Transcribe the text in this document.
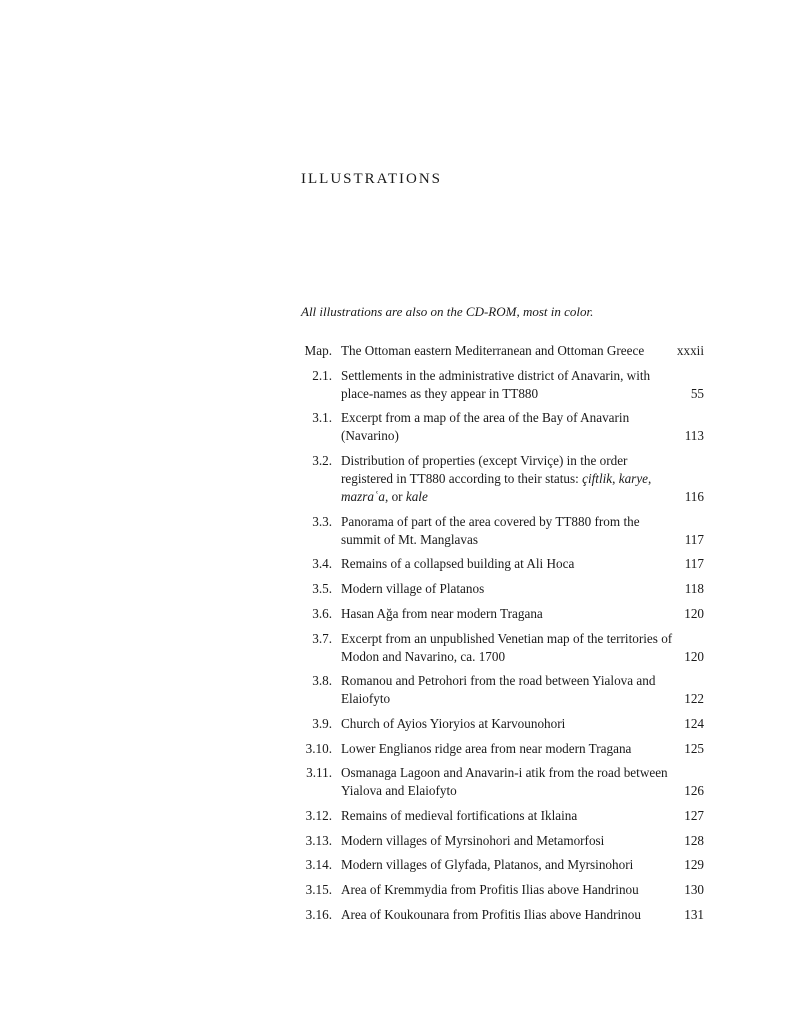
ILLUSTRATIONS

All illustrations are also on the CD-ROM, most in color.

Map. The Ottoman eastern Mediterranean and Ottoman Greece	xxxii
2.1. Settlements in the administrative district of Anavarin, with place-names as they appear in TT880	55
3.1. Excerpt from a map of the area of the Bay of Anavarin (Navarino)	113
3.2. Distribution of properties (except Virviçe) in the order registered in TT880 according to their status: çiftlik, karye, mazraʿa, or kale	116
3.3. Panorama of part of the area covered by TT880 from the summit of Mt. Manglavas	117
3.4. Remains of a collapsed building at Ali Hoca	117
3.5. Modern village of Platanos	118
3.6. Hasan Ağa from near modern Tragana	120
3.7. Excerpt from an unpublished Venetian map of the territories of Modon and Navarino, ca. 1700	120
3.8. Romanou and Petrohori from the road between Yialova and Elaiofyto	122
3.9. Church of Ayios Yioryios at Karvounohori	124
3.10. Lower Englianos ridge area from near modern Tragana	125
3.11. Osmanaga Lagoon and Anavarin-i atik from the road between Yialova and Elaiofyto	126
3.12. Remains of medieval fortifications at Iklaina	127
3.13. Modern villages of Myrsinohori and Metamorfosi	128
3.14. Modern villages of Glyfada, Platanos, and Myrsinohori	129
3.15. Area of Kremmydia from Profitis Ilias above Handrinou	130
3.16. Area of Koukounara from Profitis Ilias above Handrinou	131
